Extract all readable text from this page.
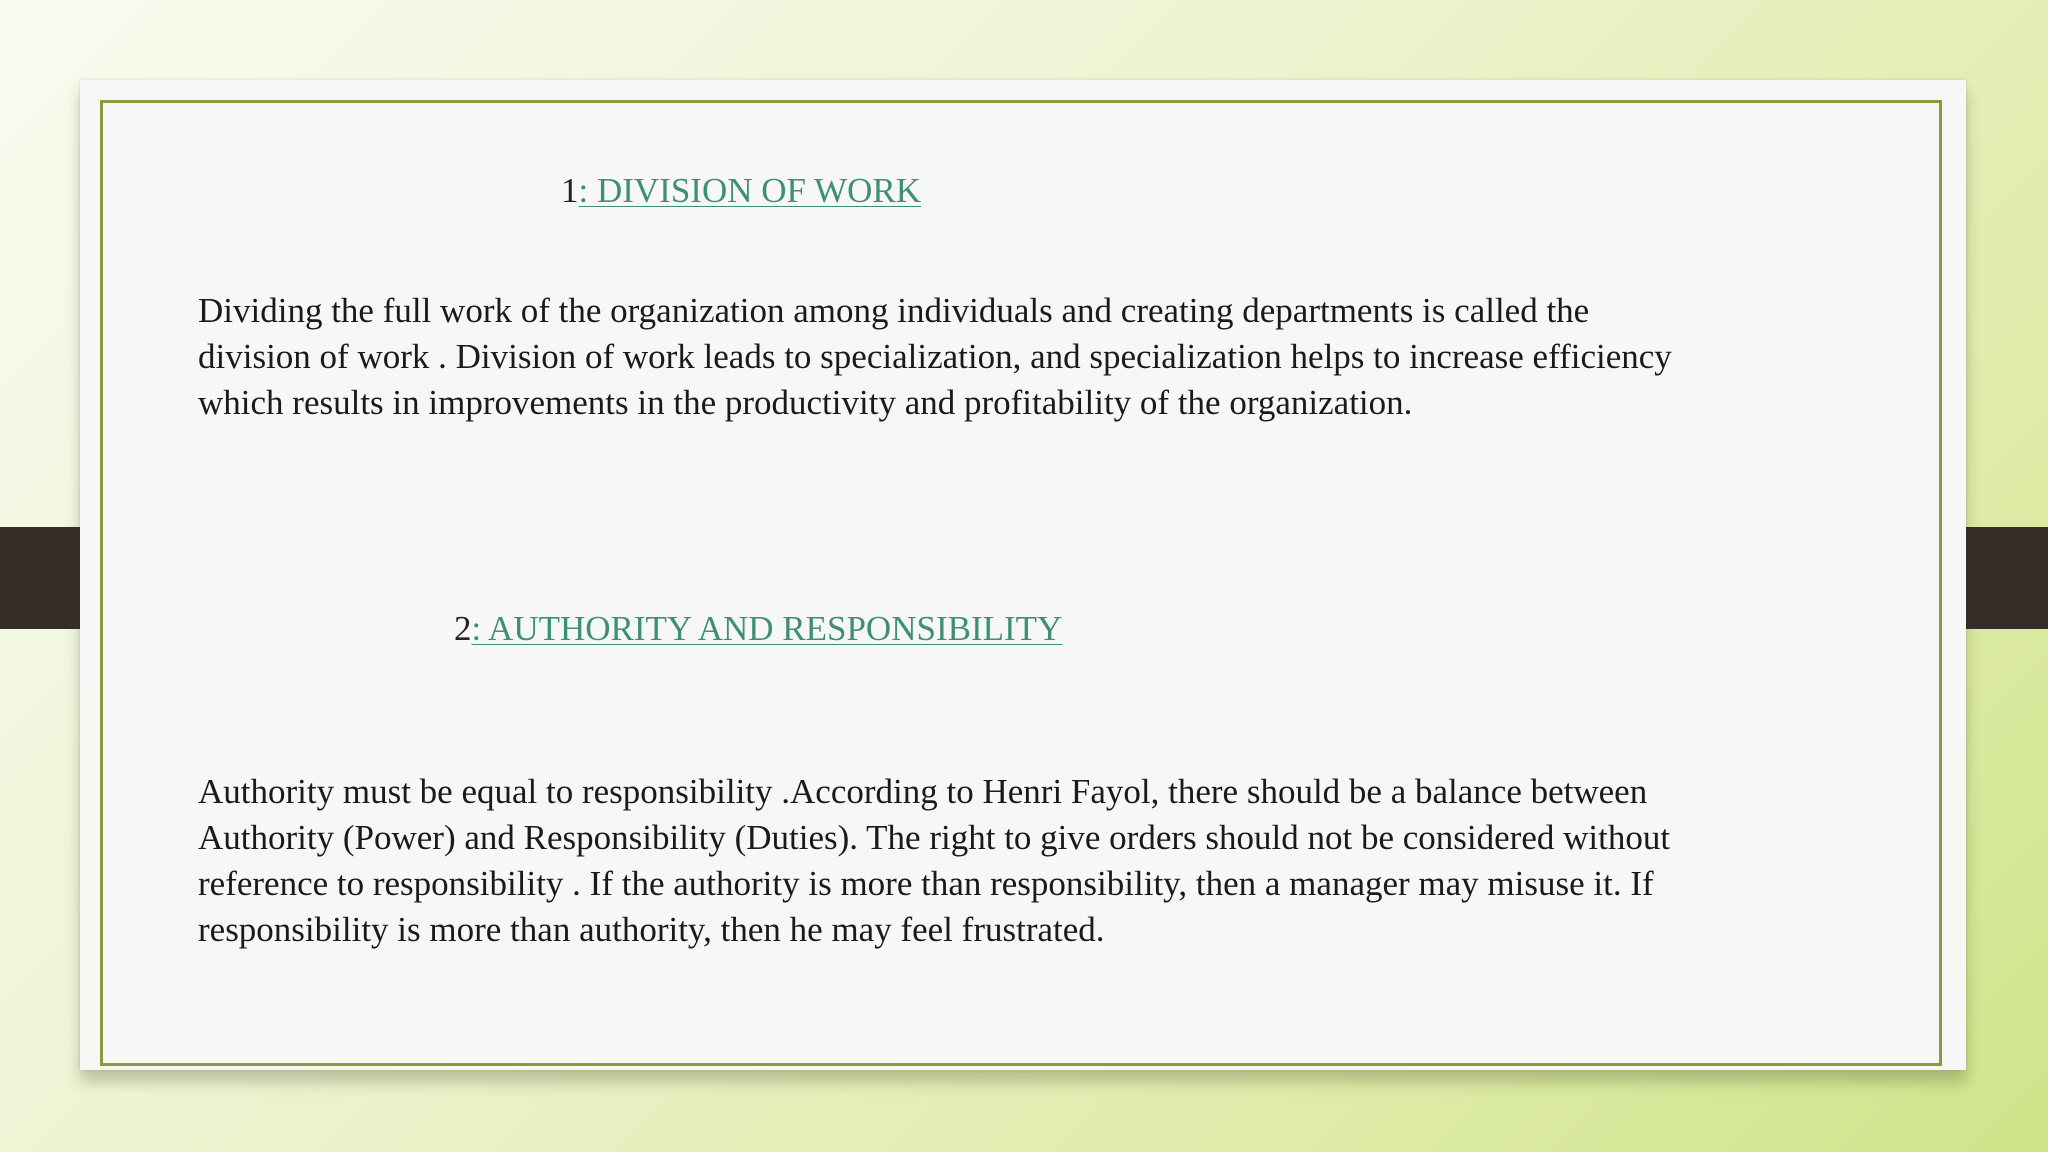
1: DIVISION OF WORK

Dividing the full work of the organization among individuals and creating departments is called the division of work . Division of work leads to specialization, and specialization helps to increase efficiency which results in improvements in the productivity and profitability of the organization.

2: AUTHORITY AND RESPONSIBILITY

Authority must be equal to responsibility .According to Henri Fayol, there should be a balance between Authority (Power) and Responsibility (Duties). The right to give orders should not be considered without reference to responsibility . If the authority is more than responsibility, then a manager may misuse it. If responsibility is more than authority, then he may feel frustrated.
